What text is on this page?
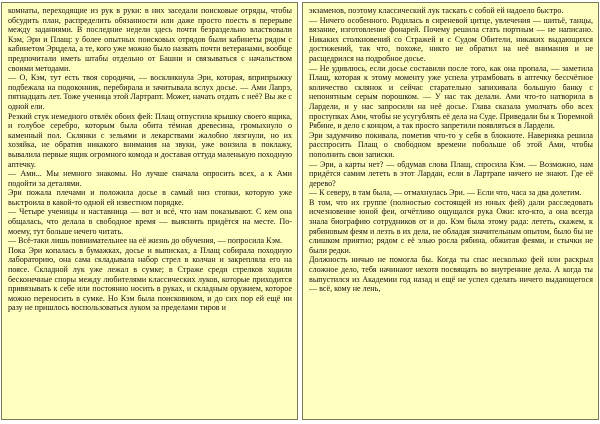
комнаты, переходящие из рук в руки: в них заседали поисковые отряды, чтобы обсудить план, распределить обязанности или даже просто поесть в перерыве между заданиями. В последние недели здесь почти безраздельно властвовали Кэм, Эри и Плащ: у более опытных поисковых отрядов были кабинеты рядом с кабинетом Эрцдела, а те, кого уже можно было назвать почти ветеранами, вообще предпочитали иметь штабы отдельно от Башни и связываться с начальством своими методами.

— О, Кэм, тут есть твоя сородичи, — воскликнула Эри, которая, вприпрыжку подбежала на подоконник, перебирала и зачитывала вслух досье. — Ами Лапрэ, пятнадцать лет. Тоже ученица этой Лартрапт. Может, начать отдать с неё? Вы же с одной ели.

Резкий стук немедного отвлёк обоих фей: Плащ отпустила крышку своего ящика, и голубое серебро, которым была обита тёмная древесина, громыхнуло о каменный пол. Склянки с зельями и лекарствами жалобно лязгнули, но их хозяйка, не обратив никакого внимания на звуки, уже вонзила в поклажу, вывалила первые ящик огромного комода и доставая оттуда маленькую походную аптечку.

— Ами... Мы немного знакомы. Но лучше сначала опросить всех, а к Ами подойти за деталями.

Эри пожала плечами и положила досье в самый низ стопки, которую уже выстроила в какой-то одной ей известном порядке.

— Четыре ученицы и наставница — вот и всё, что нам показывают. С кем она общалась, что делала в свободное время — выяснить придётся на месте. По-моему, тут больше нечего читать.

— Всё-таки лишь повнимательнее на её жизнь до обучения, — попросила Кэм.

Пока Эри копалась в бумажках, досье и выписках, а Плащ собирала походную лабораторию, она сама складывала набор стрел в колчан и закрепляла его на поясе. Складной лук уже лежал в сумке; в Страже среди стрелков ходили бесконечные споры между любителями классических луков, которые приходится привязывать к себе или постоянно носить в руках, и складным оружием, которое можно переносить в сумке. Но Кэм была поисковиком, и до сих пор ей ещё ни разу не пришлось воспользоваться луком за пределами тиров и

экзаменов, поэтому классический лук таскать с собой ей надоело быстро.

— Ничего особенного. Родилась в сиреневой цитце, увлечения — шитьё, танцы, вязание, изготовление фонарей. Почему решила стать портным — не написано. Никаких столкновений со Стражей и с Судом Обители, никаких выдающихся достижений, так что, похоже, никто не обратил на неё внимания и не расщедрился на подробное досье.

— Не удивлюсь, если досье составили после того, как она пропала, — заметила Плащ, которая к этому моменту уже успела утрамбовать в аптечку бессчётное количество склянок и сейчас старательно запихивала большую банку с непонятным серым порошком. — У нас так делали. Ами что-то натворила в Лардели, и у нас запросили на неё досье. Глава сказала умолчать обо всех проступках Ами, чтобы не усугублять её дела на Суде. Приведали бы к Тюремной Рябине, и дело с концом, а так просто запретили появляться в Лардели.

Эри задумчиво покивала, пометив что-то у себя в блокноте. Наверняка решила расспросить Плащ о свободном времени побольше об этой Ами, чтобы пополнить свои записки.

— Эри, а карты нет? — обдумав слова Плащ, спросила Кэм. — Возможно, нам придётся самим лететь в этот Лардан, если в Лартрапе ничего не знают. Где её дерево?

— К северу, в там была, — отмахнулась Эри. — Если что, часа за два долетим.

В том, что их группе (полностью состоящей из юных фей) дали расследовать исчезновение юной феи, огчётливо ощущался рука Ожи: кто-кто, а она всегда знала биографию сотрудников от и до. Кэм была этому рада: лететь, скажем, к рябиновым феям и лезть в их дела, не обладая значительным опытом, было бы не слишком приятно; рядом с её элью росла рябина, обжитая феями, и стычки не были редки.

Должность ничью не помогла бы. Когда ты спас несколько фей или раскрыл сложное дело, тебя начинают нехотя посвящать во внутренние дела. А когда ты выпустился из Академии год назад и ещё не успел сделать ничего выдающегося — всё, кому не лень,
